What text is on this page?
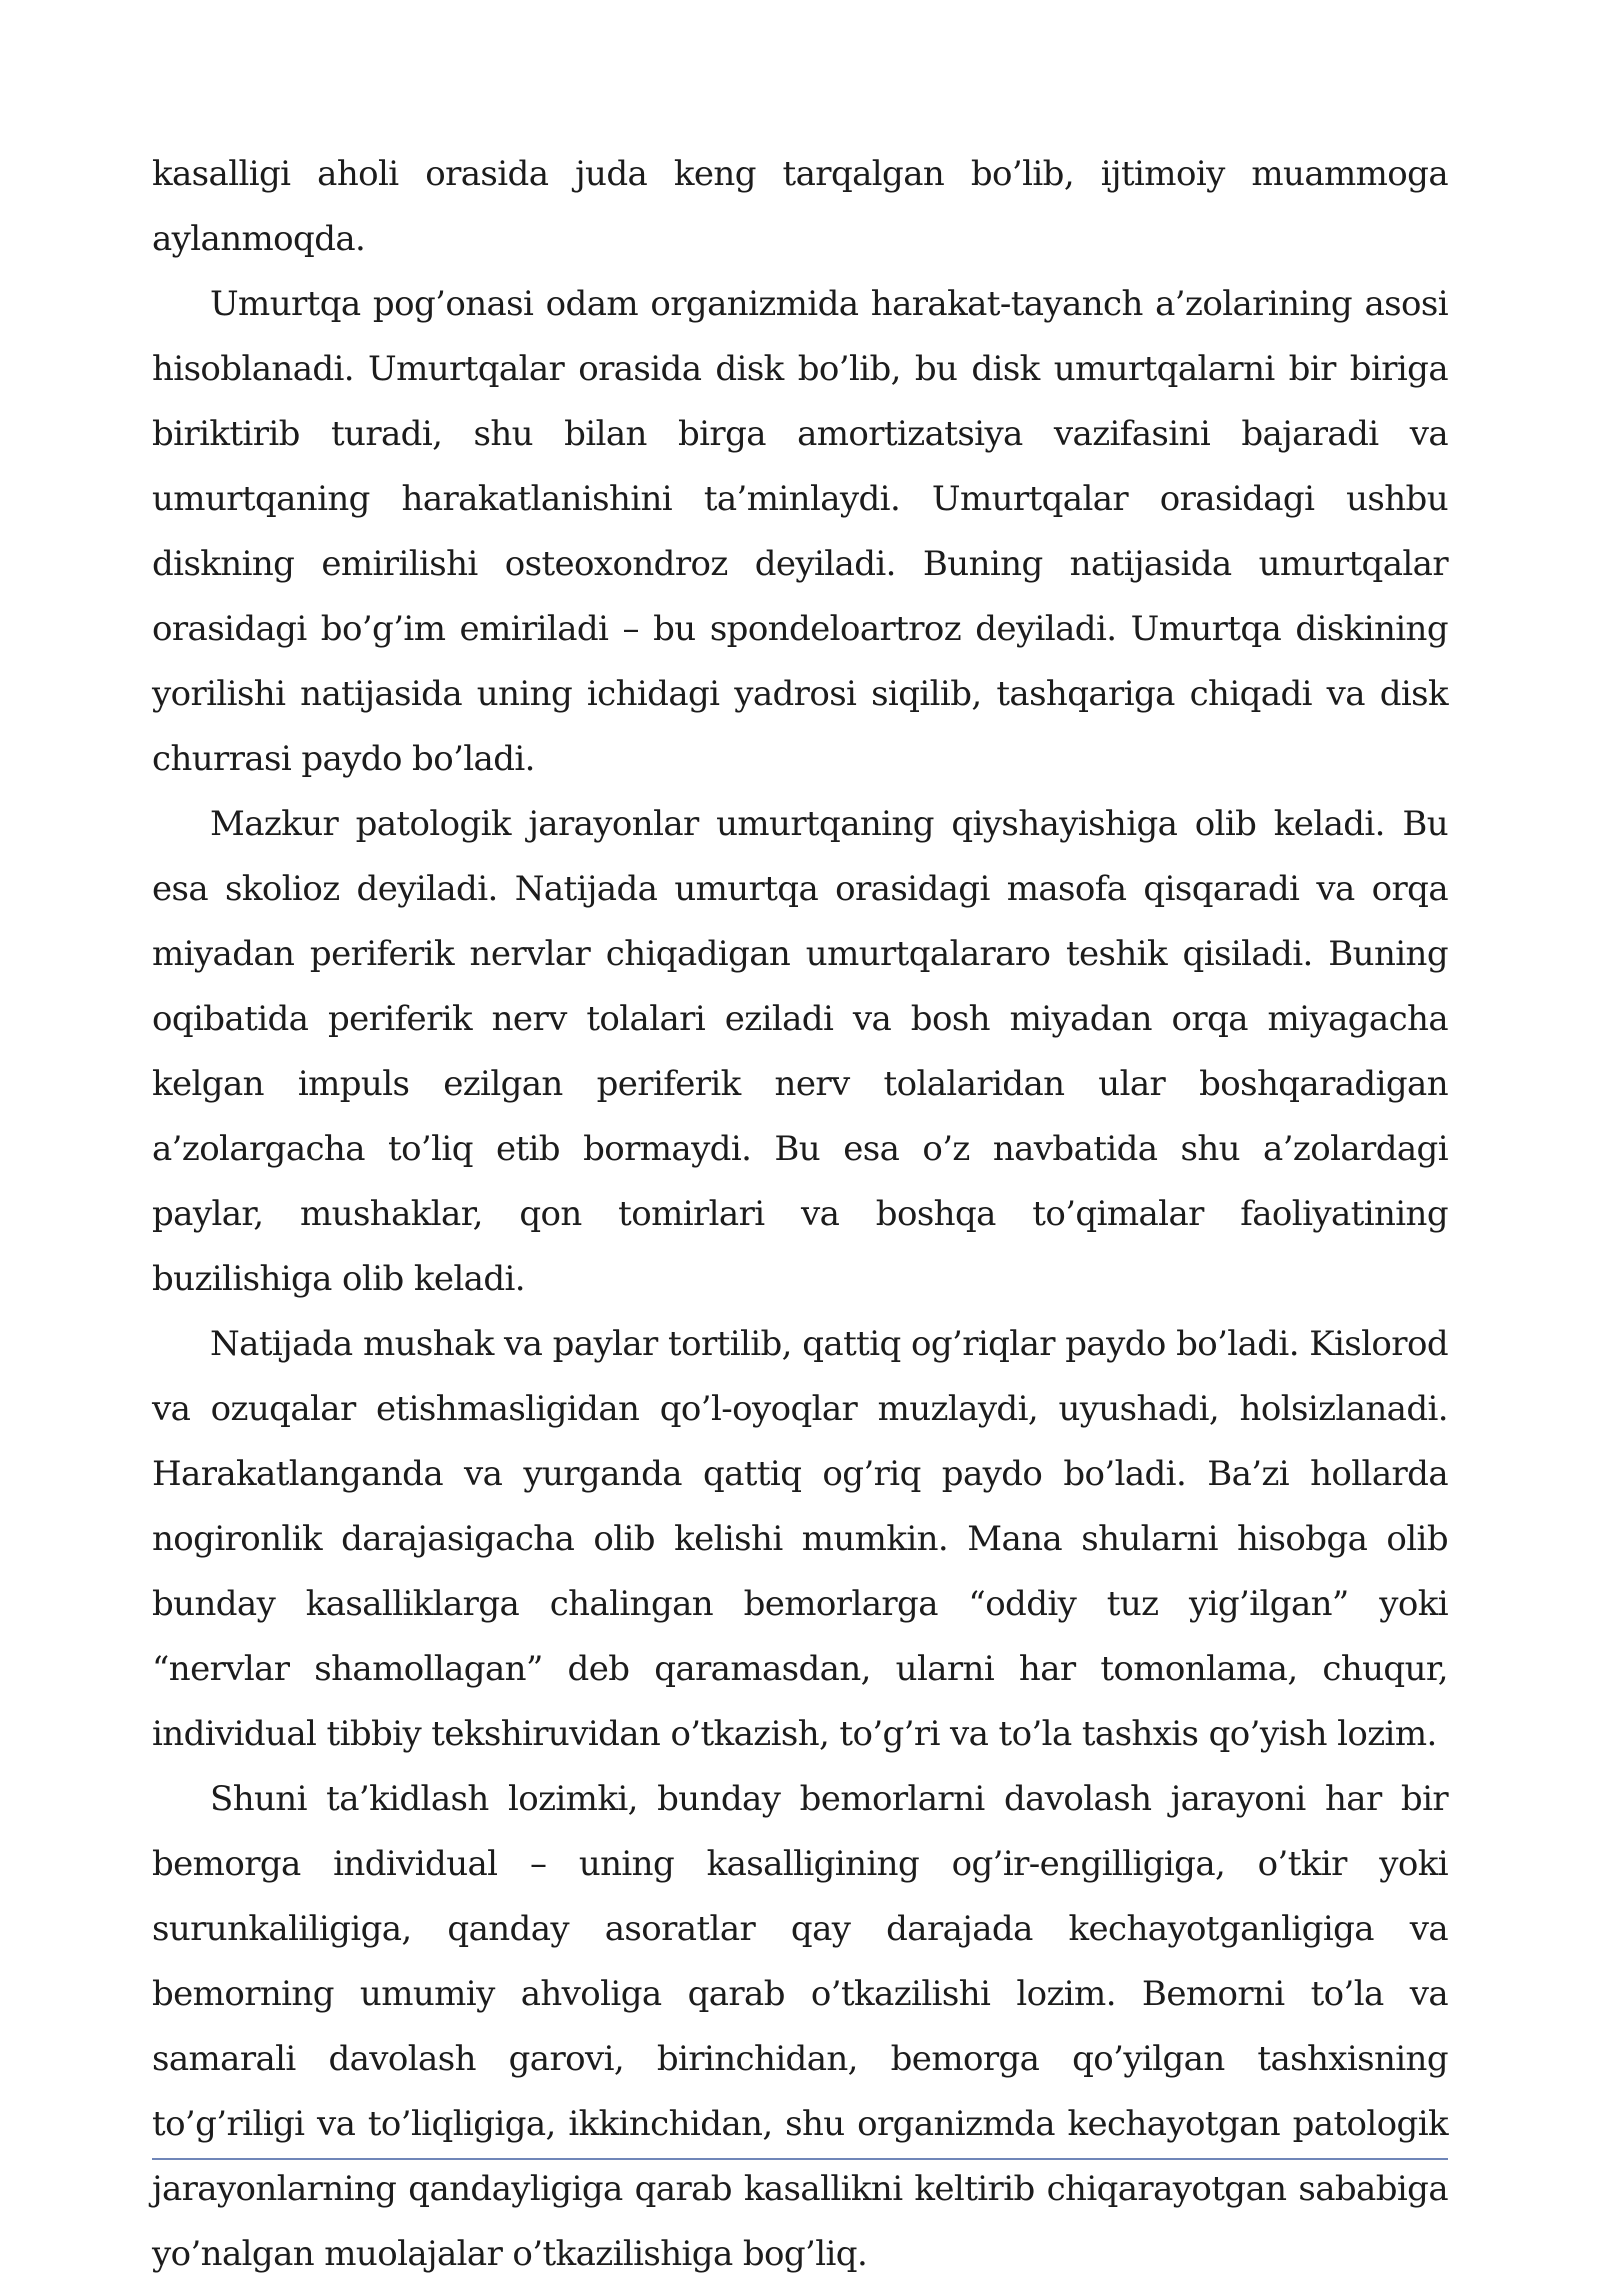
kasalligi aholi orasida juda keng tarqalgan bo’lib, ijtimoiy muammoga aylanmoqda.

Umurtqa pog’onasi odam organizmida harakat-tayanch a’zolarining asosi hisoblanadi. Umurtqalar orasida disk bo’lib, bu disk umurtqalarni bir biriga biriktirib turadi, shu bilan birga amortizatsiya vazifasini bajaradi va umurtqaning harakatlanishini ta’minlaydi. Umurtqalar orasidagi ushbu diskning emirilishi osteoxondroz deyiladi. Buning natijasida umurtqalar orasidagi bo’g’im emiriladi – bu spondeloartroz deyiladi. Umurtqa diskining yorilishi natijasida uning ichidagi yadrosi siqilib, tashqariga chiqadi va disk churrasi paydo bo’ladi.

Mazkur patologik jarayonlar umurtqaning qiyshayishiga olib keladi. Bu esa skolioz deyiladi. Natijada umurtqa orasidagi masofa qisqaradi va orqa miyadan periferik nervlar chiqadigan umurtqalararo teshik qisiladi. Buning oqibatida periferik nerv tolalari eziladi va bosh miyadan orqa miyagacha kelgan impuls ezilgan periferik nerv tolalaridan ular boshqaradigan a’zolargacha to’liq etib bormaydi. Bu esa o’z navbatida shu a’zolardagi paylar, mushaklar, qon tomirlari va boshqa to’qimalar faoliyatining buzilishiga olib keladi.

Natijada mushak va paylar tortilib, qattiq og’riqlar paydo bo’ladi. Kislorod va ozuqalar etishmasligidan qo’l-oyoqlar muzlaydi, uyushadi, holsizlanadi. Harakatlanganda va yurganda qattiq og’riq paydo bo’ladi. Ba’zi hollarda nogironlik darajasigacha olib kelishi mumkin. Mana shularni hisobga olib bunday kasalliklarga chalingan bemorlarga “oddiy tuz yig’ilgan” yoki “nervlar shamollagan” deb qaramasdan, ularni har tomonlama, chuqur, individual tibbiy tekshiruvidan o’tkazish, to’g’ri va to’la tashxis qo’yish lozim.

Shuni ta’kidlash lozimki, bunday bemorlarni davolash jarayoni har bir bemorga individual – uning kasalligining og’ir-engilligiga, o’tkir yoki surunkaliligiga, qanday asoratlar qay darajada kechayotganligiga va bemorning umumiy ahvoliga qarab o’tkazilishi lozim. Bemorni to’la va samarali davolash garovi, birinchidan, bemorga qo’yilgan tashxisning to’g’riligi va to’liqligiga, ikkinchidan, shu organizmda kechayotgan patologik jarayonlarning qandayligiga qarab kasallikni keltirib chiqarayotgan sababiga yo’nalgan muolajalar o’tkazilishiga bog’liq.
